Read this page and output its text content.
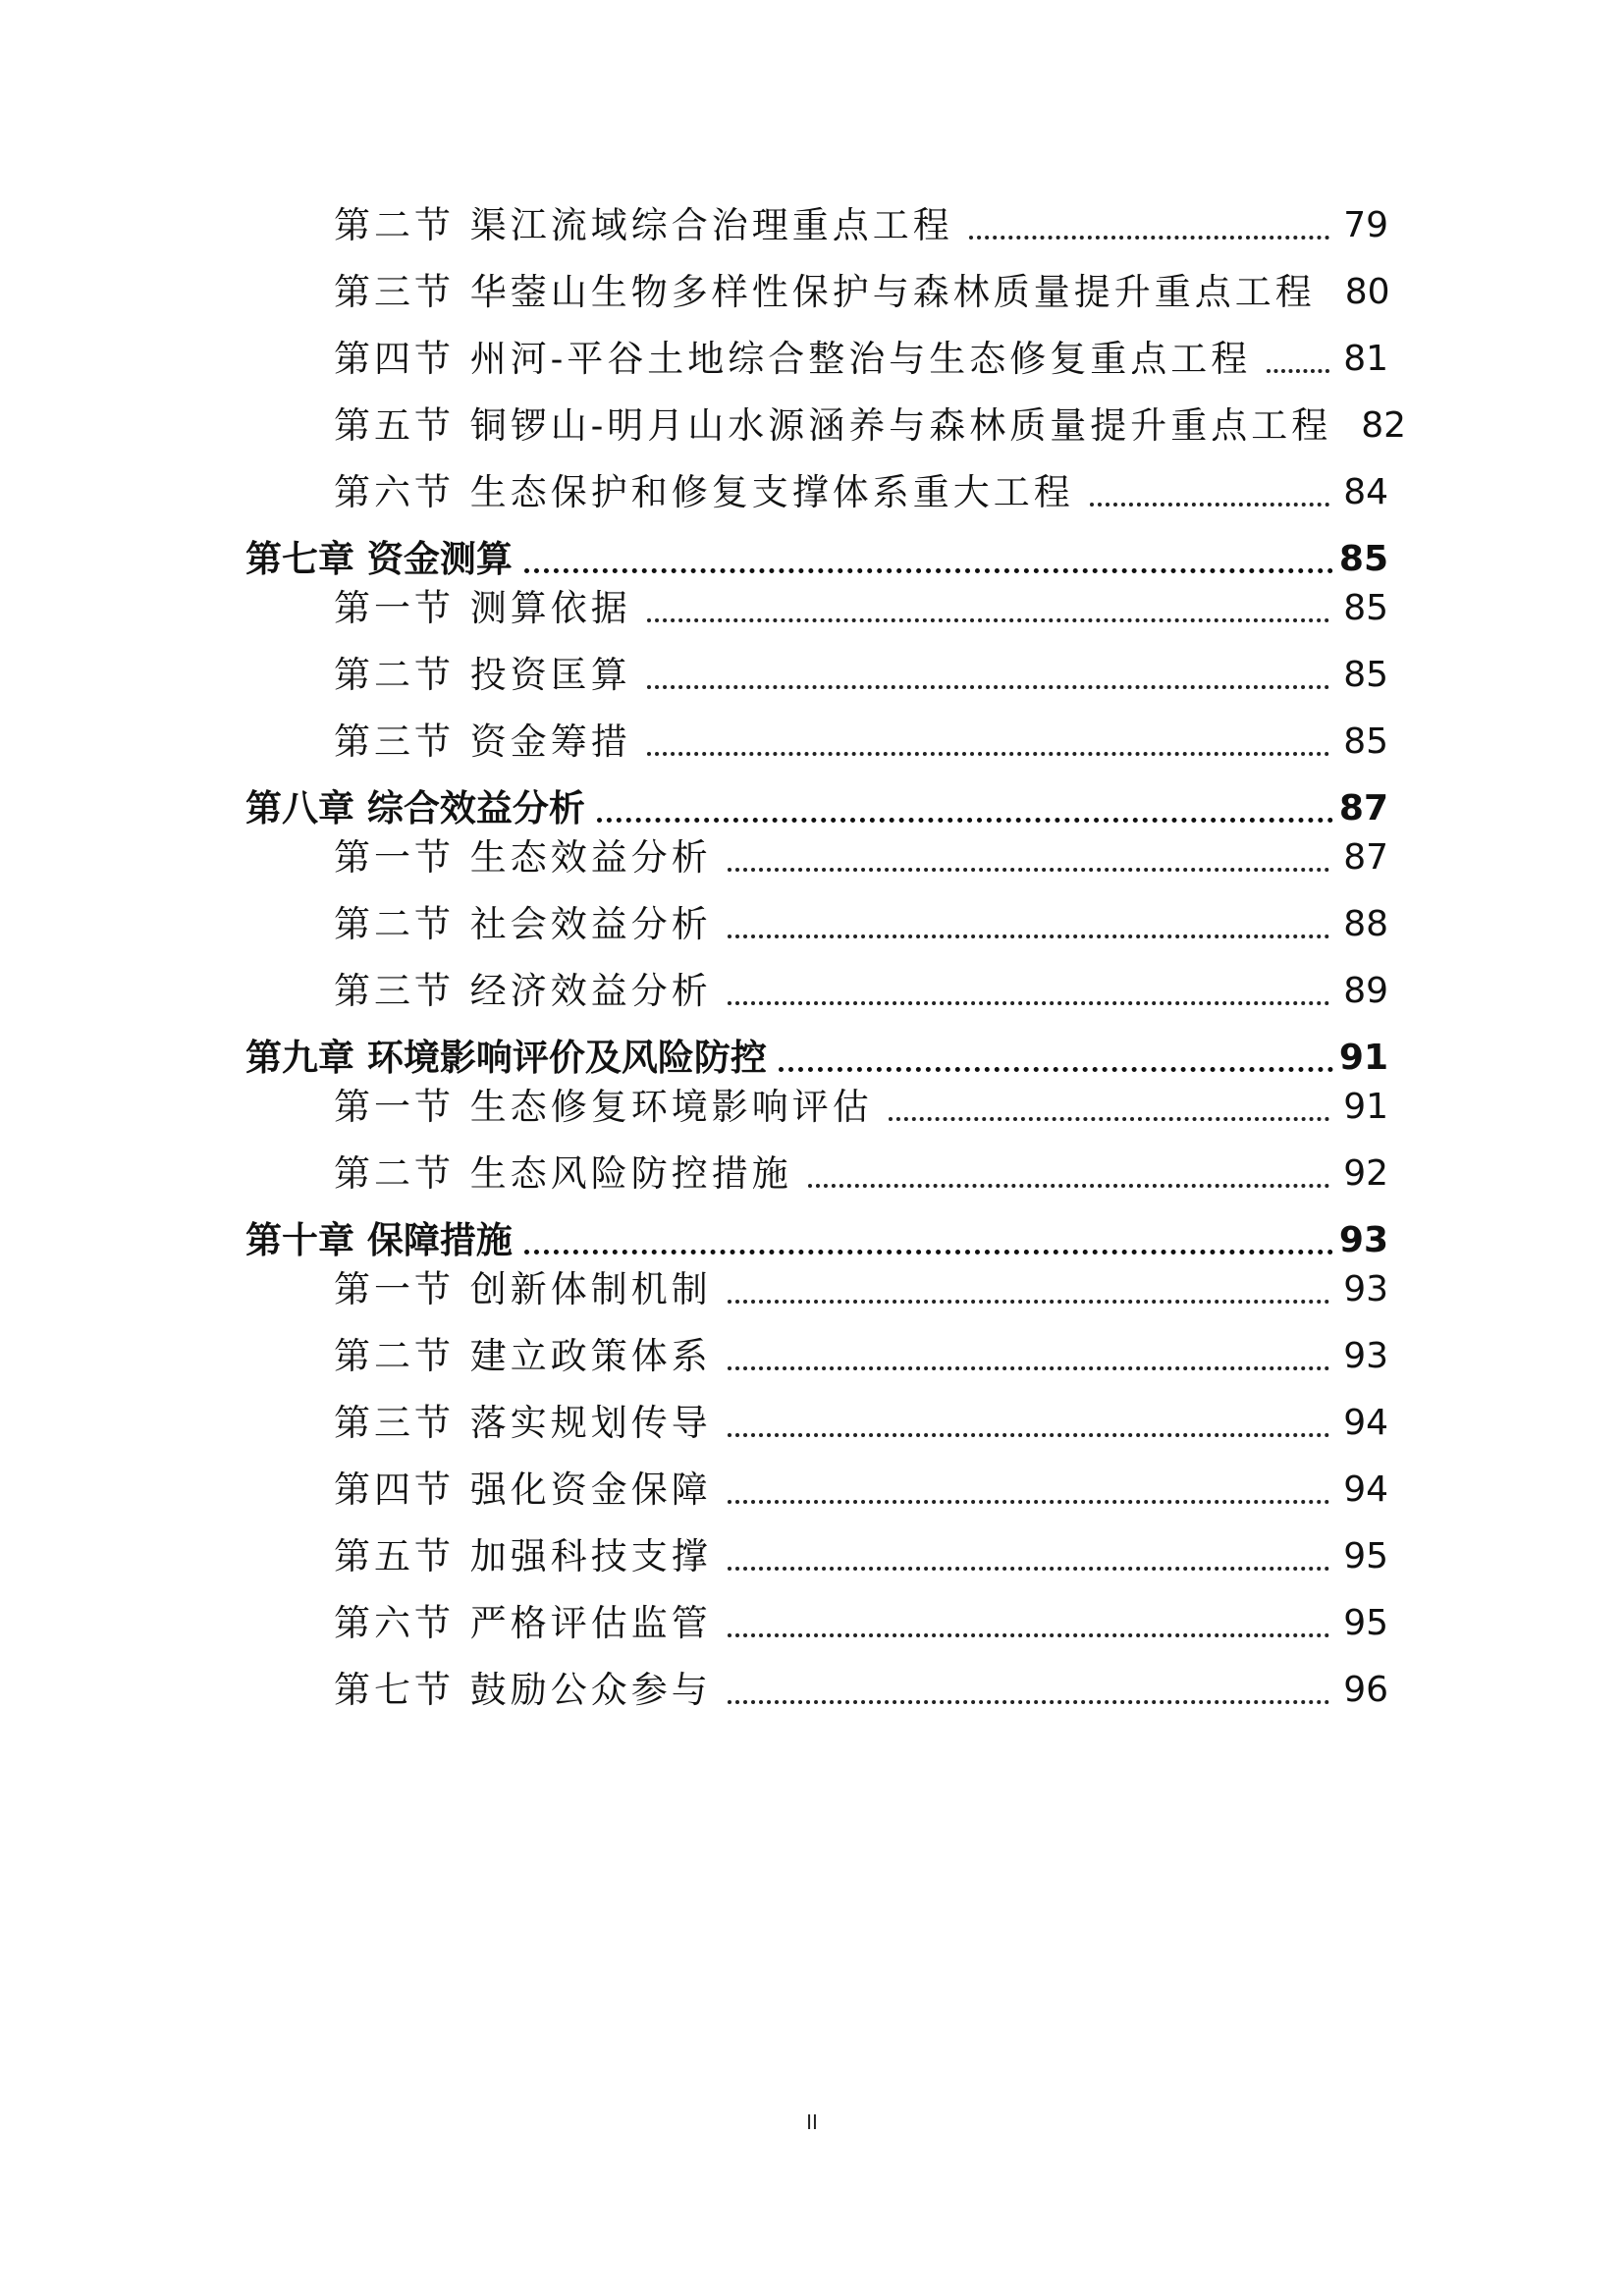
第二节 渠江流域综合治理重点工程	79
第三节 华蓥山生物多样性保护与森林质量提升重点工程 80
第四节 州河-平谷土地综合整治与生态修复重点工程	81
第五节 铜锣山-明月山水源涵养与森林质量提升重点工程 82
第六节 生态保护和修复支撑体系重大工程	84
第七章 资金测算	85
第一节 测算依据	85
第二节 投资匡算	85
第三节 资金筹措	85
第八章 综合效益分析	87
第一节 生态效益分析	87
第二节 社会效益分析	88
第三节 经济效益分析	89
第九章 环境影响评价及风险防控	91
第一节 生态修复环境影响评估	91
第二节 生态风险防控措施	92
第十章 保障措施	93
第一节 创新体制机制	93
第二节 建立政策体系	93
第三节 落实规划传导	94
第四节 强化资金保障	94
第五节 加强科技支撑	95
第六节 严格评估监管	95
第七节 鼓励公众参与	96
II
